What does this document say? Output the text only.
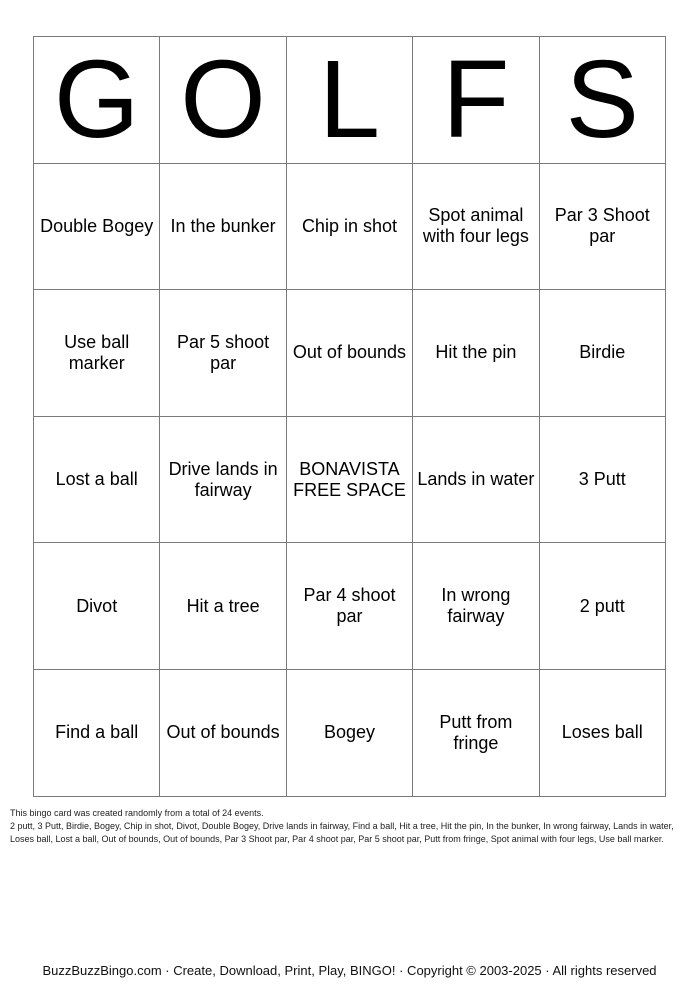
G	O	L	F	S
Double Bogey	In the bunker	Chip in shot	Spot animal with four legs	Par 3 Shoot par
Use ball marker	Par 5 shoot par	Out of bounds	Hit the pin	Birdie
Lost a ball	Drive lands in fairway	BONAVISTA FREE SPACE	Lands in water	3 Putt
Divot	Hit a tree	Par 4 shoot par	In wrong fairway	2 putt
Find a ball	Out of bounds	Bogey	Putt from fringe	Loses ball
This bingo card was created randomly from a total of 24 events.
2 putt, 3 Putt, Birdie, Bogey, Chip in shot, Divot, Double Bogey, Drive lands in fairway, Find a ball, Hit a tree, Hit the pin, In the bunker, In wrong fairway, Lands in water, Loses ball, Lost a ball, Out of bounds, Out of bounds, Par 3 Shoot par, Par 4 shoot par, Par 5 shoot par, Putt from fringe, Spot animal with four legs, Use ball marker.
BuzzBuzzBingo.com · Create, Download, Print, Play, BINGO! · Copyright © 2003-2025 · All rights reserved
